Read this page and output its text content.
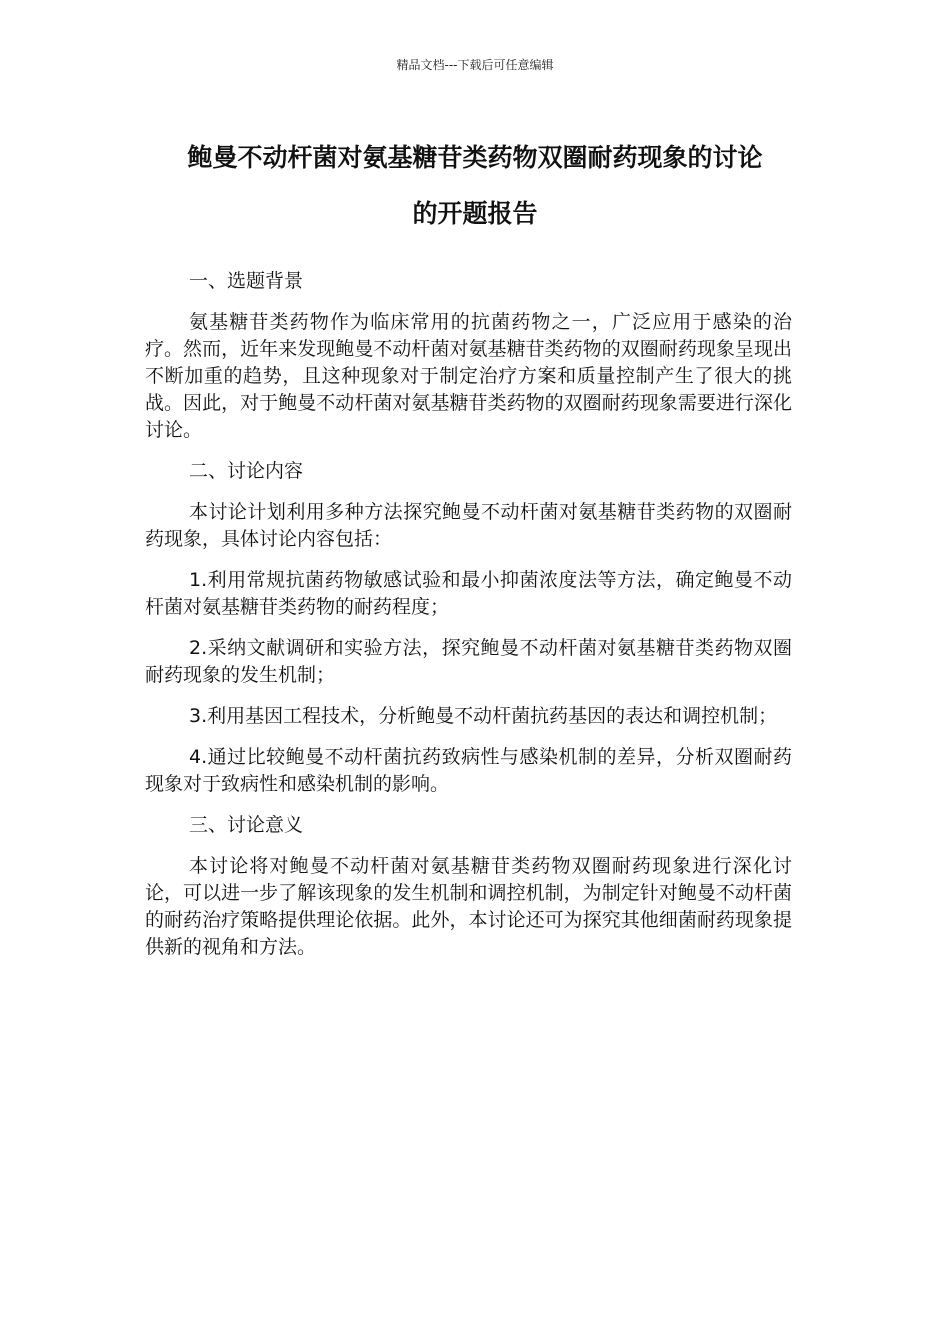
精品文档---下载后可任意编辑
鲍曼不动杆菌对氨基糖苷类药物双圈耐药现象的讨论
的开题报告

一、选题背景

氨基糖苷类药物作为临床常用的抗菌药物之一，广泛应用于感染的治疗。然而，近年来发现鲍曼不动杆菌对氨基糖苷类药物的双圈耐药现象呈现出不断加重的趋势，且这种现象对于制定治疗方案和质量控制产生了很大的挑战。因此，对于鲍曼不动杆菌对氨基糖苷类药物的双圈耐药现象需要进行深化讨论。

二、讨论内容

本讨论计划利用多种方法探究鲍曼不动杆菌对氨基糖苷类药物的双圈耐药现象，具体讨论内容包括：

1.利用常规抗菌药物敏感试验和最小抑菌浓度法等方法，确定鲍曼不动杆菌对氨基糖苷类药物的耐药程度；

2.采纳文献调研和实验方法，探究鲍曼不动杆菌对氨基糖苷类药物双圈耐药现象的发生机制；

3.利用基因工程技术，分析鲍曼不动杆菌抗药基因的表达和调控机制；

4.通过比较鲍曼不动杆菌抗药致病性与感染机制的差异，分析双圈耐药现象对于致病性和感染机制的影响。

三、讨论意义

本讨论将对鲍曼不动杆菌对氨基糖苷类药物双圈耐药现象进行深化讨论，可以进一步了解该现象的发生机制和调控机制，为制定针对鲍曼不动杆菌的耐药治疗策略提供理论依据。此外，本讨论还可为探究其他细菌耐药现象提供新的视角和方法。
